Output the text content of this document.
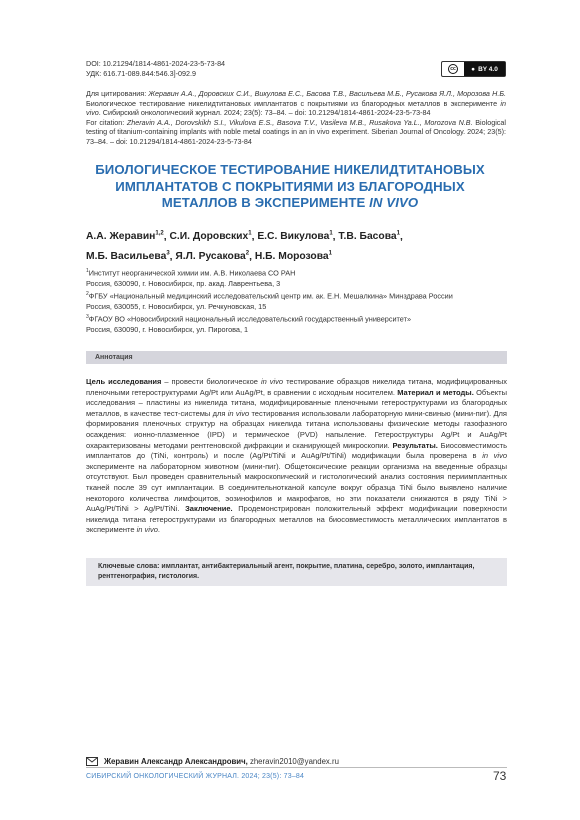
DOI: 10.21294/1814-4861-2024-23-5-73-84
УДК: 616.71-089.844:546.3]-092.9	cc	● BY 4.0
Для цитирования: Жеравин А.А., Доровских С.И., Викулова Е.С., Басова Т.В., Васильева М.Б., Русакова Я.Л., Морозова Н.Б. Биологическое тестирование никелидтитановых имплантатов с покрытиями из благородных металлов в эксперименте in vivo. Сибирский онкологический журнал. 2024; 23(5): 73–84. – doi: 10.21294/1814-4861-2024-23-5-73-84
For citation: Zheravin A.A., Dorovskikh S.I., Vikulova E.S., Basova T.V., Vasileva M.B., Rusakova Ya.L., Morozova N.B. Biological testing of titanium-containing implants with noble metal coatings in an in vivo experiment. Siberian Journal of Oncology. 2024; 23(5): 73–84. – doi: 10.21294/1814-4861-2024-23-5-73-84
БИОЛОГИЧЕСКОЕ ТЕСТИРОВАНИЕ НИКЕЛИДТИТАНОВЫХ ИМПЛАНТАТОВ С ПОКРЫТИЯМИ ИЗ БЛАГОРОДНЫХ МЕТАЛЛОВ В ЭКСПЕРИМЕНТЕ IN VIVO
А.А. Жеравин$^{1,2}$, С.И. Доровских$^1$, Е.С. Викулова$^1$, Т.В. Басова$^1$,
М.Б. Васильева$^3$, Я.Л. Русакова$^2$, Н.Б. Морозова$^1$
$^1$Институт неорганической химии им. А.В. Николаева СО РАН
Россия, 630090, г. Новосибирск, пр. акад. Лаврентьева, 3
$^2$ФГБУ «Национальный медицинский исследовательский центр им. ак. Е.Н. Мешалкина» Минздрава России
Россия, 630055, г. Новосибирск, ул. Речкуновская, 15
$^3$ФГАОУ ВО «Новосибирский национальный исследовательский государственный университет»
Россия, 630090, г. Новосибирск, ул. Пирогова, 1
Аннотация
Цель исследования – провести биологическое in vivo тестирование образцов никелида титана, модифицированных пленочными гетероструктурами Ag/Pt или AuAg/Pt, в сравнении с исходным носителем. Материал и методы. Объекты исследования – пластины из никелида титана, модифицированные пленочными гетероструктурами из благородных металлов, в качестве тест-системы для in vivo тестирования использовали лабораторную мини-свинью (мини-пиг). Для формирования пленочных структур на образцах никелида титана использованы физические методы газофазного осаждения: ионно-плазменное (IPD) и термическое (PVD) напыление. Гетероструктуры Ag/Pt и AuAg/Pt охарактеризованы методами рентгеновской дифракции и сканирующей микроскопии. Результаты. Биосовместимость имплантатов до (TiNi, контроль) и после (Ag/Pt/TiNi и AuAg/Pt/TiNi) модификации была проверена в in vivo эксперименте на лабораторном животном (мини-пиг). Общетоксические реакции организма на введенные образцы отсутствуют. Был проведен сравнительный макроскопический и гистологический анализ состояния периимплантных тканей после 39 сут имплантации. В соединительнотканой капсуле вокруг образца TiNi было выявлено наличие некоторого количества лимфоцитов, эозинофилов и макрофагов, но эти показатели снижаются в ряду TiNi > AuAg/Pt/TiNi > Ag/Pt/TiNi. Заключение. Продемонстрирован положительный эффект модификации поверхности никелида титана гетероструктурами из благородных металлов на биосовместимость металлических имплантатов в эксперименте in vivo.
Ключевые слова: имплантат, антибактериальный агент, покрытие, платина, серебро, золото, имплантация, рентгенография, гистология.
Жеравин Александр Александрович, zheravin2010@yandex.ru
СИБИРСКИЙ ОНКОЛОГИЧЕСКИЙ ЖУРНАЛ. 2024; 23(5): 73–84	73
